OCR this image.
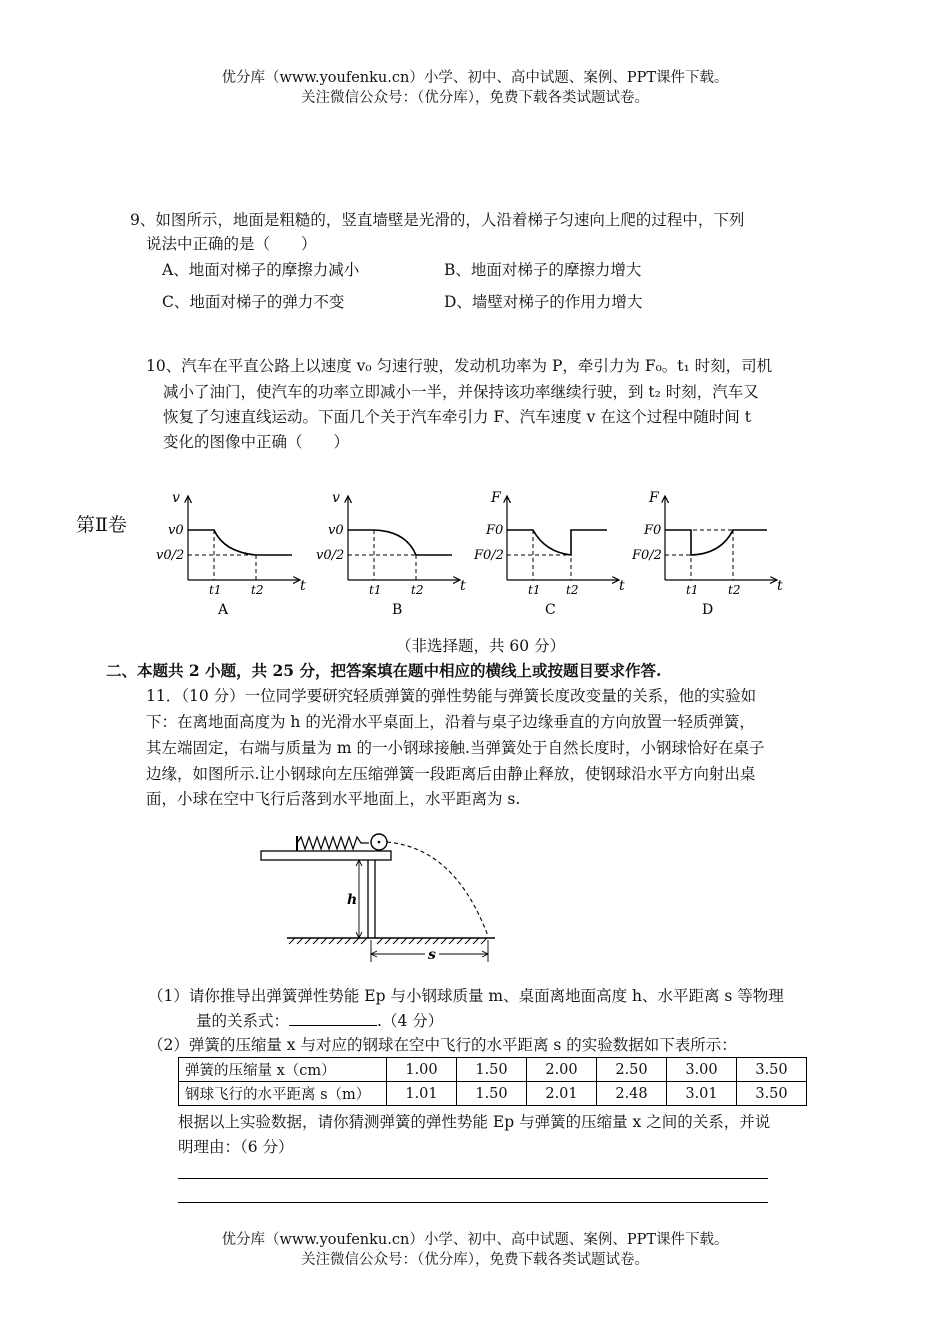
优分库（www.youfenku.cn）小学、初中、高中试题、案例、PPT课件下载。
关注微信公众号：（优分库），免费下载各类试题试卷。
9、如图所示，地面是粗糙的，竖直墙壁是光滑的，人沿着梯子匀速向上爬的过程中，下列
说法中正确的是（　　）
A、地面对梯子的摩擦力减小	B、地面对梯子的摩擦力增大
C、地面对梯子的弹力不变	D、墙壁对梯子的作用力增大
10、汽车在平直公路上以速度 v₀ 匀速行驶，发动机功率为 P，牵引力为 F₀。t₁ 时刻，司机
减小了油门，使汽车的功率立即减小一半，并保持该功率继续行驶，到 t₂ 时刻，汽车又
恢复了匀速直线运动。下面几个关于汽车牵引力 F、汽车速度 v 在这个过程中随时间 t
变化的图像中正确（　　）
第Ⅱ卷
v
v0
v0/2
t1 t2	t
A
v
v0
v0/2
t1 t2	t
B
F
F0
F0/2
t1 t2	t
C
F
F0
F0/2
t1 t2	t
D
（非选择题，共 60 分）
二、本题共 2 小题，共 25 分，把答案填在题中相应的横线上或按题目要求作答.
11．（10 分）一位同学要研究轻质弹簧的弹性势能与弹簧长度改变量的关系，他的实验如
下：在离地面高度为 h 的光滑水平桌面上，沿着与桌子边缘垂直的方向放置一轻质弹簧，
其左端固定，右端与质量为 m 的一小钢球接触.当弹簧处于自然长度时，小钢球恰好在桌子
边缘，如图所示.让小钢球向左压缩弹簧一段距离后由静止释放，使钢球沿水平方向射出桌
面，小球在空中飞行后落到水平地面上，水平距离为 s.
h
s
（1）请你推导出弹簧弹性势能 Ep 与小钢球质量 m、桌面离地面高度 h、水平距离 s 等物理
量的关系式：	.（4 分）
（2）弹簧的压缩量 x 与对应的钢球在空中飞行的水平距离 s 的实验数据如下表所示：
弹簧的压缩量 x（cm）	1.00	1.50	2.00	2.50	3.00	3.50
钢球飞行的水平距离 s（m）	1.01	1.50	2.01	2.48	3.01	3.50
根据以上实验数据，请你猜测弹簧的弹性势能 Ep 与弹簧的压缩量 x 之间的关系，并说
明理由：（6 分）
优分库（www.youfenku.cn）小学、初中、高中试题、案例、PPT课件下载。
关注微信公众号：（优分库），免费下载各类试题试卷。
